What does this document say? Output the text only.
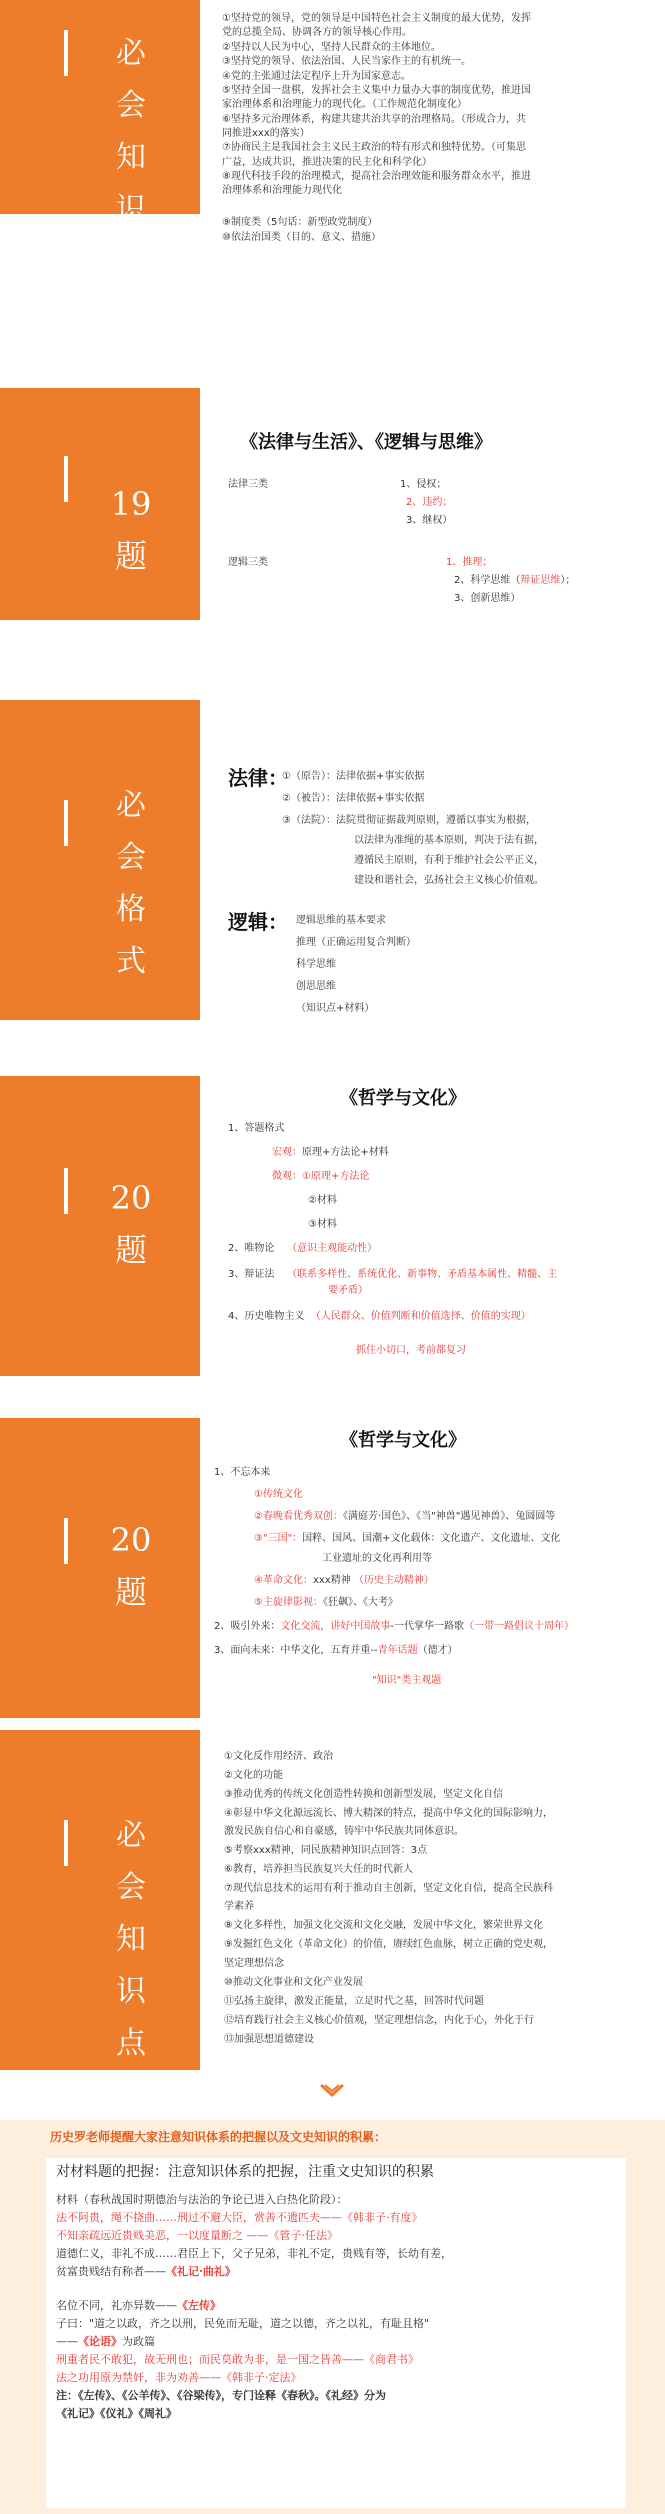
必
会
知
识
点
①坚持党的领导，党的领导是中国特色社会主义制度的最大优势，发挥
党的总揽全局、协调各方的领导核心作用。
②坚持以人民为中心，坚持人民群众的主体地位。
③坚持党的领导、依法治国、人民当家作主的有机统一。
④党的主张通过法定程序上升为国家意志。
⑤坚持全国一盘棋，发挥社会主义集中力量办大事的制度优势，推进国
家治理体系和治理能力的现代化。（工作规范化制度化）
⑥坚持多元治理体系，构建共建共治共享的治理格局。（形成合力，共
同推进xxx的落实）
⑦协商民主是我国社会主义民主政治的特有形式和独特优势。（可集思
广益，达成共识，推进决策的民主化和科学化）
⑧现代科技手段的治理模式，提高社会治理效能和服务群众水平，推进
治理体系和治理能力现代化
19
题
《法律与生活》、《逻辑与思维》
法律三类	1、侵权；
2、违约；
3、继权）
逻辑三类	1、推理；
2、科学思维（辩证思维）；
3、创新思维）
⑨制度类（5句话：新型政党制度）
⑩依法治国类（目的、意义、措施）
必
会
格
式
法律：
①（原告）：法律依据+事实依据
②（被告）：法律依据+事实依据
③（法院）：法院贯彻证据裁判原则，遵循以事实为根据，
以法律为准绳的基本原则，判决于法有据，
遵循民主原则，有利于维护社会公平正义，
建设和谐社会，弘扬社会主义核心价值观。
逻辑： 逻辑思维的基本要求
推理（正确运用复合判断）
科学思维
创思思维
（知识点+材料）
20
题
《哲学与文化》
1、答题格式
宏观：原理+方法论+材料
微观：①原理+方法论
②材料
③材料
2、唯物论 （意识主观能动性）
3、辩证法 （联系多样性、系统优化、新事物、矛盾基本属性、精髓、主
要矛盾）
4、历史唯物主义 （人民群众、价值判断和价值选择、价值的实现）
抓住小切口，考前都复习
20
题
《哲学与文化》
1、不忘本来
①传统文化
②春晚看优秀双创：《满庭芳·国色》、《当"神兽"遇见神兽》、兔圆圆等
③"三国"：国粹、国风、国潮+文化载体：文化遗产、文化遗址、文化
工业遗址的文化再利用等
④革命文化：xxx精神 （历史主动精神）
⑤主旋律影视：《狂飙》、《大考》
2、吸引外来：文化交流，讲好中国故事-一代掌华一路歌（一带一路倡议十周年）
3、面向未来：中华文化，五育并重--青年话题（德才）
"知识"类主观题
必
会
知
识
点
①文化反作用经济、政治
②文化的功能
③推动优秀的传统文化创造性转换和创新型发展，坚定文化自信
④彰显中华文化源远流长、博大精深的特点，提高中华文化的国际影响力，
激发民族自信心和自豪感，铸牢中华民族共同体意识。
⑤考察xxx精神，同民族精神知识点回答：3点
⑥教育，培养担当民族复兴大任的时代新人
⑦现代信息技术的运用有利于推动自主创新，坚定文化自信，提高全民族科
学素养
⑧文化多样性，加强文化交流和文化交融，发展中华文化，繁荣世界文化
⑨发掘红色文化（革命文化）的价值，赓续红色血脉，树立正确的党史观，
坚定理想信念
⑩推动文化事业和文化产业发展
⑪弘扬主旋律，激发正能量，立足时代之基，回答时代问题
⑫培育践行社会主义核心价值观，坚定理想信念，内化于心，外化于行
⑬加强思想道德建设
历史罗老师提醒大家注意知识体系的把握以及文史知识的积累：
对材料题的把握：注意知识体系的把握，注重文史知识的积累
材料（春秋战国时期德治与法治的争论已进入白热化阶段）：
法不阿贵，绳不挠曲……刑过不避大臣，赏善不遗匹夫——《韩非子·有度》
不知亲疏远近贵贱美恶，一以度量断之 ——《管子·任法》
道德仁义，非礼不成……君臣上下，父子兄弟，非礼不定，贵贱有等，长幼有差，
贫富贵贱结有称者——《礼记·曲礼》
名位不同，礼亦异数——《左传》
子曰："道之以政，齐之以刑，民免而无耻，道之以德，齐之以礼，有耻且格"
——《论语》为政篇
刑重者民不敢犯，故无刑也；而民莫敢为非，是一国之皆善——《商君书》
法之功用原为禁奸，非为劝善——《韩非子·定法》
注：《左传》、《公羊传》、《谷梁传》，专门诠释《春秋》。《礼经》分为
《礼记》《仪礼》《周礼》
